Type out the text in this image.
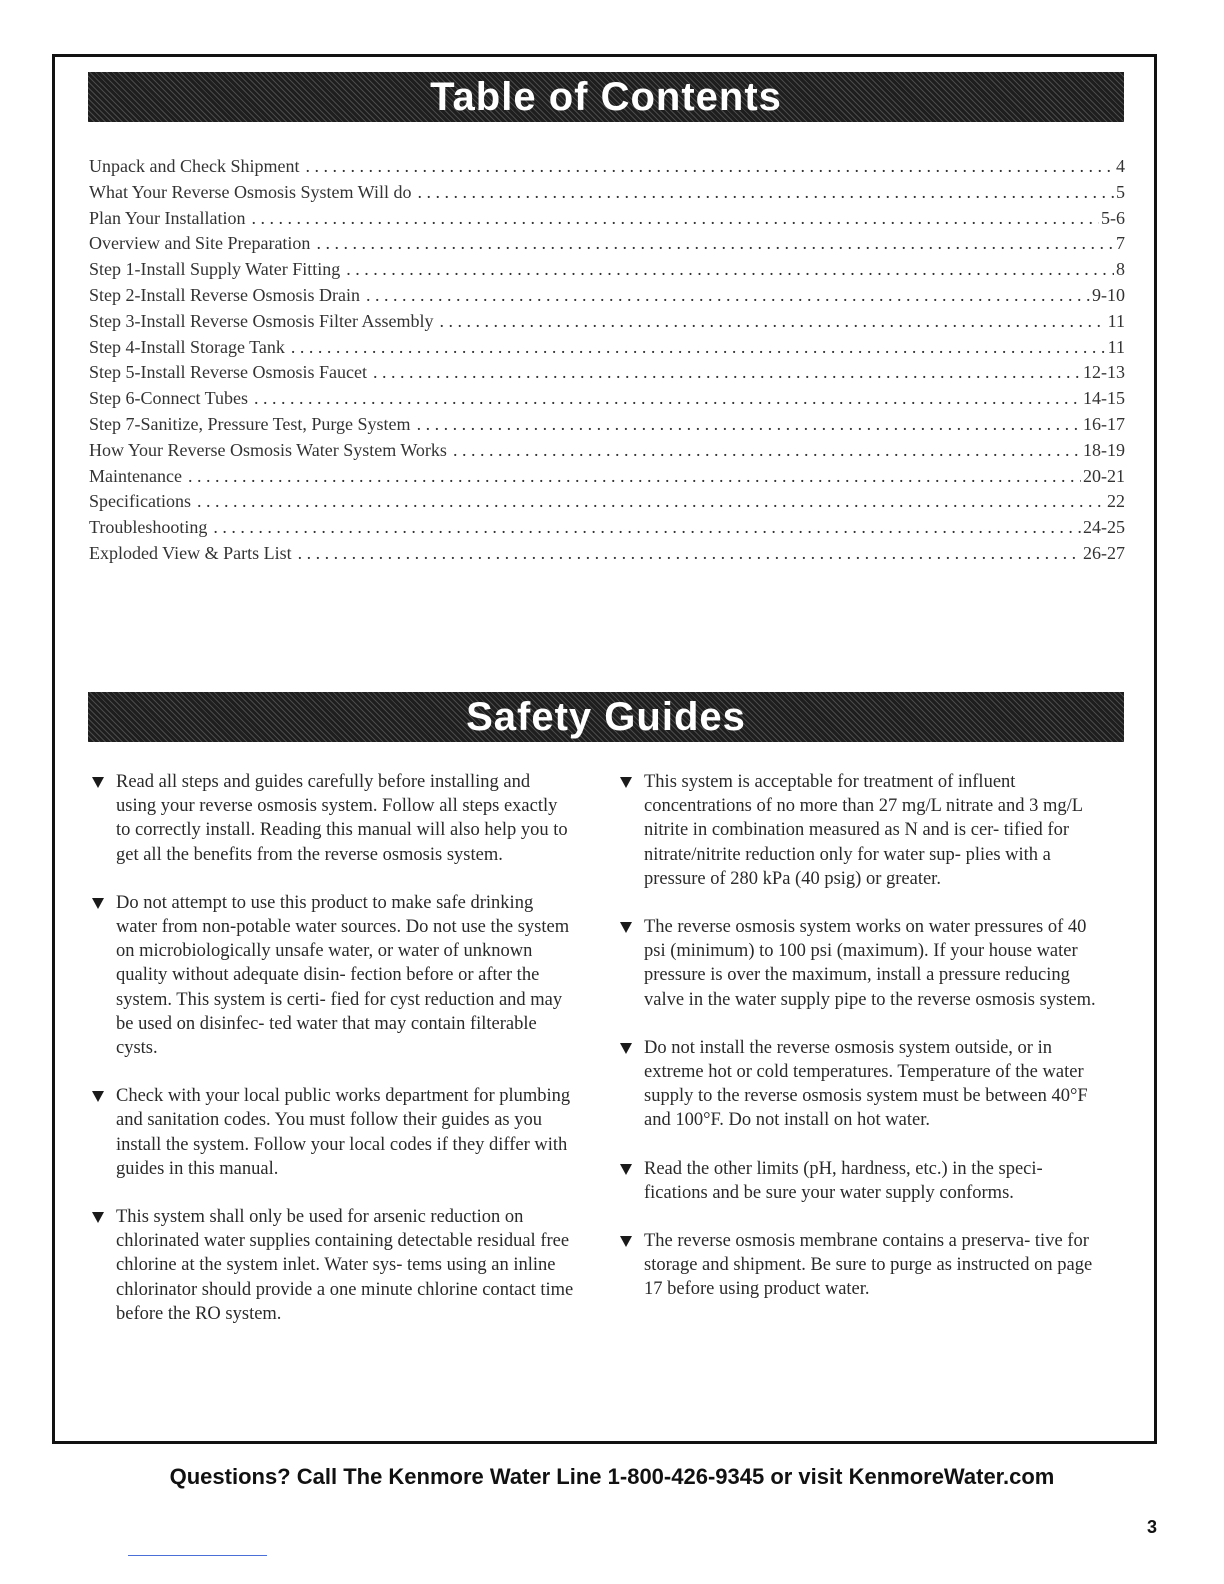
Table of Contents
Unpack and Check Shipment . . .	4
What Your Reverse Osmosis System Will do . . .	5
Plan Your Installation . . .	5-6
Overview and Site Preparation . . .	7
Step 1-Install Supply Water Fitting . . .	8
Step 2-Install Reverse Osmosis Drain . . .	9-10
Step 3-Install Reverse Osmosis Filter Assembly . . .	11
Step 4-Install Storage Tank . . .	11
Step 5-Install Reverse Osmosis Faucet . . .	12-13
Step 6-Connect Tubes . . .	14-15
Step 7-Sanitize, Pressure Test, Purge System . . .	16-17
How Your Reverse Osmosis Water System Works . . .	18-19
Maintenance . . .	20-21
Specifications . . .	22
Troubleshooting . . .	24-25
Exploded View & Parts List . . .	26-27
Safety Guides
Read all steps and guides carefully before installing and using your reverse osmosis system. Follow all steps exactly to correctly install. Reading this manual will also help you to get all the benefits from the reverse osmosis system.
Do not attempt to use this product to make safe drinking water from non-potable water sources. Do not use the system on microbiologically unsafe water, or water of unknown quality without adequate disin- fection before or after the system. This system is certi- fied for cyst reduction and may be used on disinfec- ted water that may contain filterable cysts.
Check with your local public works department for plumbing and sanitation codes. You must follow their guides as you install the system. Follow your local codes if they differ with guides in this manual.
This system shall only be used for arsenic reduction on chlorinated water supplies containing detectable residual free chlorine at the system inlet. Water sys- tems using an inline chlorinator should provide a one minute chlorine contact time before the RO system.
This system is acceptable for treatment of influent concentrations of no more than 27 mg/L nitrate and 3 mg/L nitrite in combination measured as N and is cer- tified for nitrate/nitrite reduction only for water sup- plies with a pressure of 280 kPa (40 psig) or greater.
The reverse osmosis system works on water pressures of 40 psi (minimum) to 100 psi (maximum). If your house water pressure is over the maximum, install a pressure reducing valve in the water supply pipe to the reverse osmosis system.
Do not install the reverse osmosis system outside, or in extreme hot or cold temperatures. Temperature of the water supply to the reverse osmosis system must be between 40°F and 100°F. Do not install on hot water.
Read the other limits (pH, hardness, etc.) in the speci- fications and be sure your water supply conforms.
The reverse osmosis membrane contains a preserva- tive for storage and shipment. Be sure to purge as instructed on page 17 before using product water.
Questions? Call The Kenmore Water Line 1-800-426-9345 or visit KenmoreWater.com
3
